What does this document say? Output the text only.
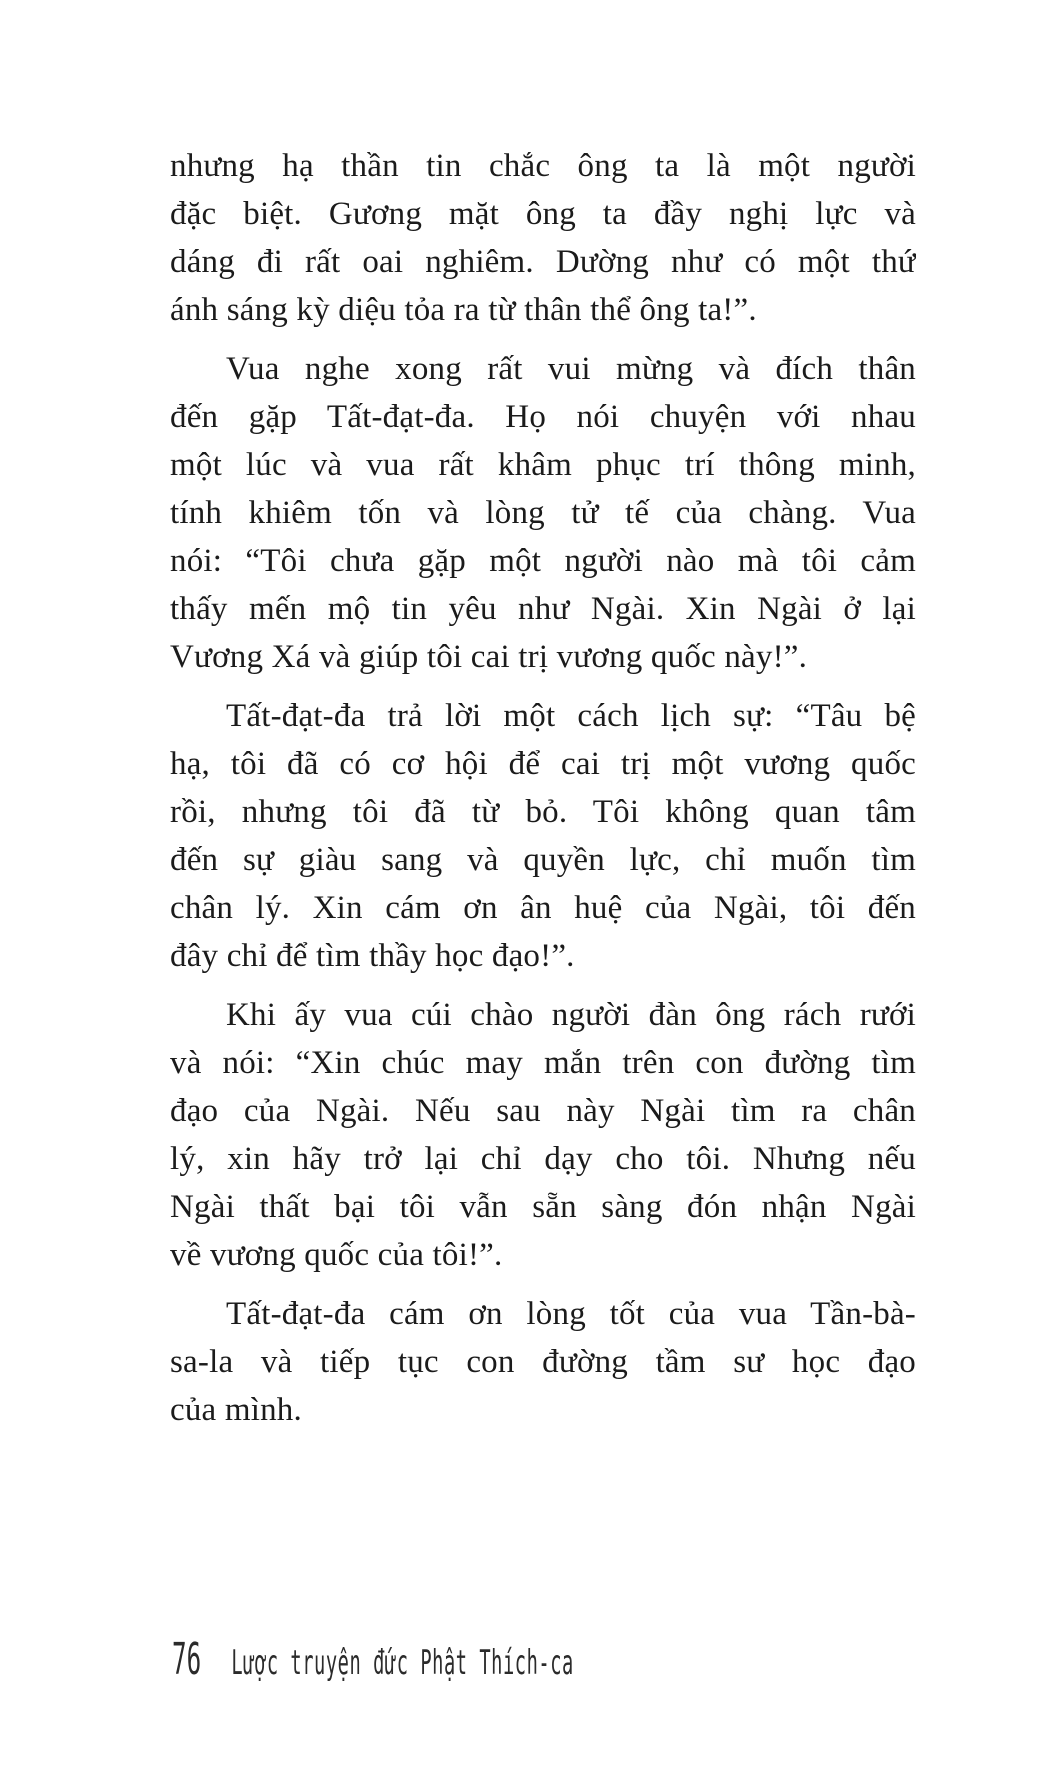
nhưng hạ thần tin chắc ông ta là một người
đặc biệt. Gương mặt ông ta đầy nghị lực và
dáng đi rất oai nghiêm. Dường như có một thứ
ánh sáng kỳ diệu tỏa ra từ thân thể ông ta!”.
Vua nghe xong rất vui mừng và đích thân
đến gặp Tất-đạt-đa. Họ nói chuyện với nhau
một lúc và vua rất khâm phục trí thông minh,
tính khiêm tốn và lòng tử tế của chàng. Vua
nói: “Tôi chưa gặp một người nào mà tôi cảm
thấy mến mộ tin yêu như Ngài. Xin Ngài ở lại
Vương Xá và giúp tôi cai trị vương quốc này!”.
Tất-đạt-đa trả lời một cách lịch sự: “Tâu bệ
hạ, tôi đã có cơ hội để cai trị một vương quốc
rồi, nhưng tôi đã từ bỏ. Tôi không quan tâm
đến sự giàu sang và quyền lực, chỉ muốn tìm
chân lý. Xin cám ơn ân huệ của Ngài, tôi đến
đây chỉ để tìm thầy học đạo!”.
Khi ấy vua cúi chào người đàn ông rách rưới
và nói: “Xin chúc may mắn trên con đường tìm
đạo của Ngài. Nếu sau này Ngài tìm ra chân
lý, xin hãy trở lại chỉ dạy cho tôi. Nhưng nếu
Ngài thất bại tôi vẫn sẵn sàng đón nhận Ngài
về vương quốc của tôi!”.
Tất-đạt-đa cám ơn lòng tốt của vua Tần-bà-
sa-la và tiếp tục con đường tầm sư học đạo
của mình.
76 Lược truyện đức Phật Thích-ca
